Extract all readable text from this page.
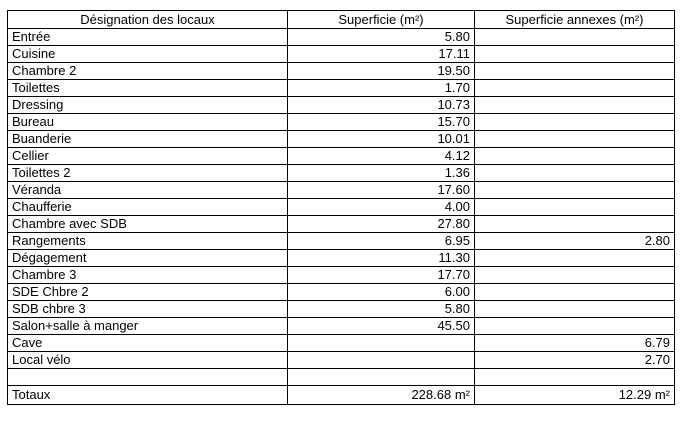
Désignation des locaux	Superficie (m²)	Superficie annexes (m²)
Entrée	5.80	
Cuisine	17.11	
Chambre 2	19.50	
Toilettes	1.70	
Dressing	10.73	
Bureau	15.70	
Buanderie	10.01	
Cellier	4.12	
Toilettes 2	1.36	
Véranda	17.60	
Chaufferie	4.00	
Chambre avec SDB	27.80	
Rangements	6.95	2.80
Dégagement	11.30	
Chambre 3	17.70	
SDE Chbre 2	6.00	
SDB chbre 3	5.80	
Salon+salle à manger	45.50	
Cave		6.79
Local vélo		2.70

Totaux	228.68 m²	12.29 m²
